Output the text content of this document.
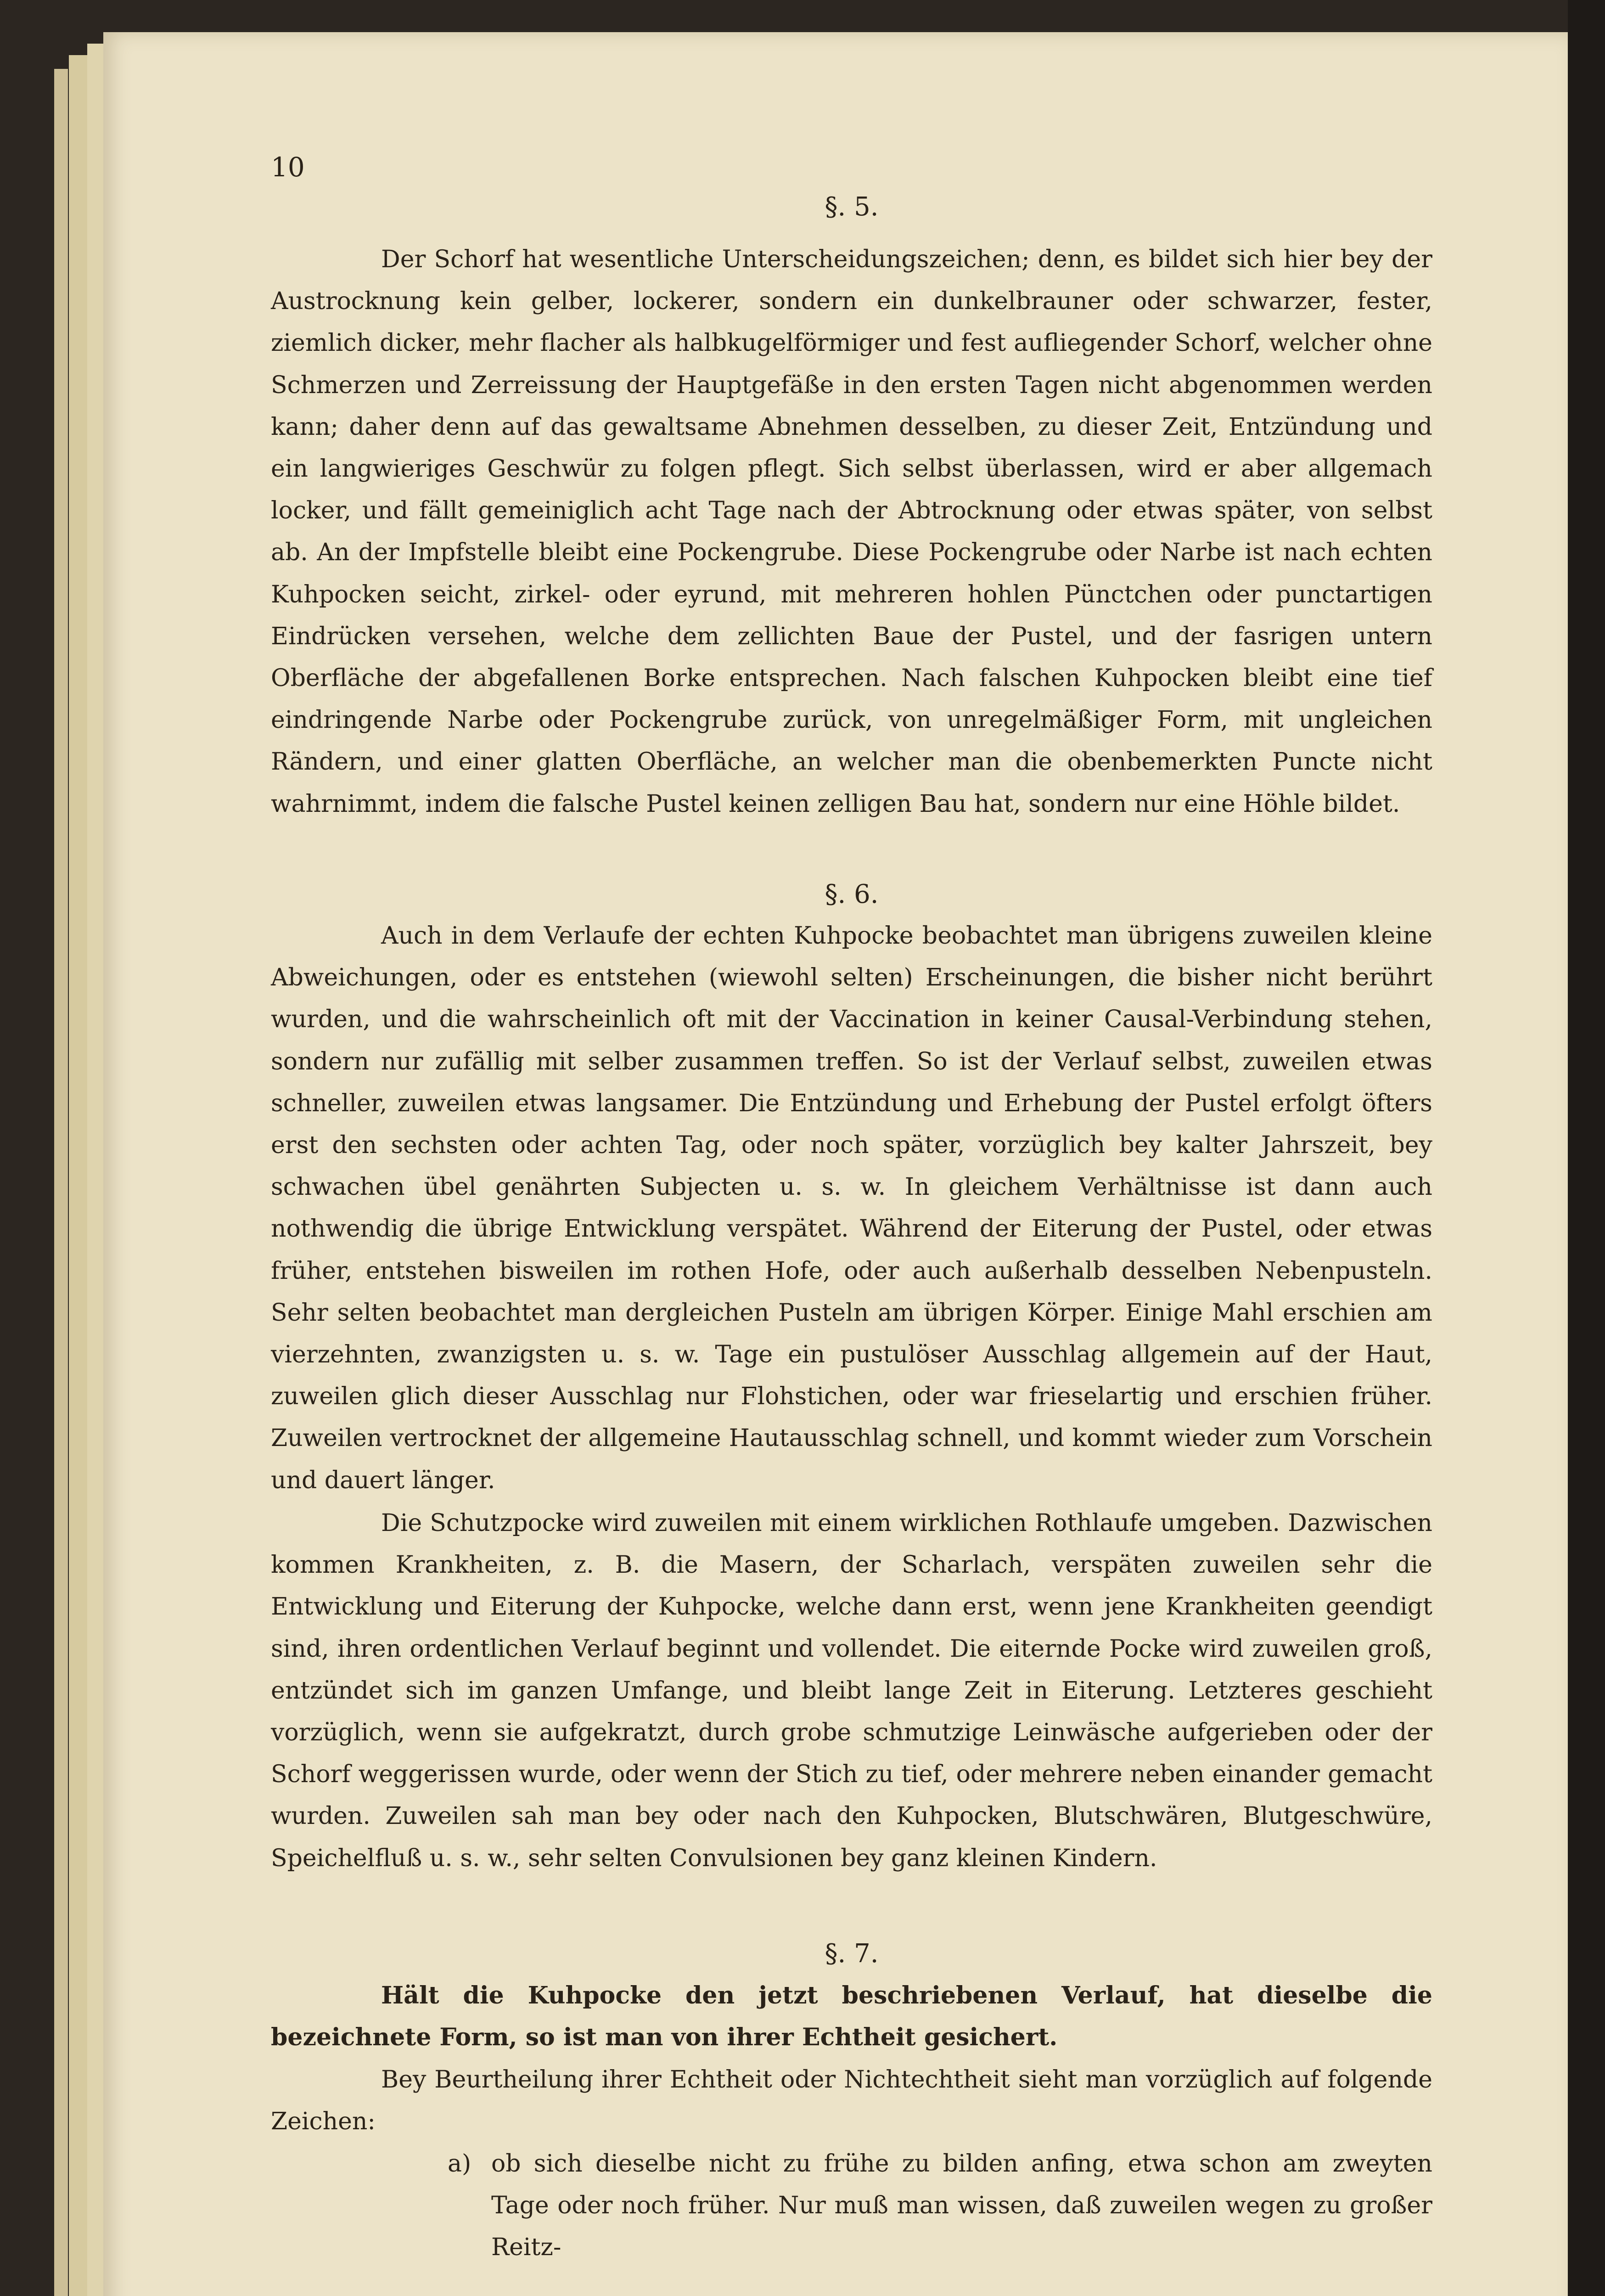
10
§. 5.

Der Schorf hat wesentliche Unterscheidungszeichen; denn, es bildet sich hier bey der Austrocknung kein gelber, lockerer, sondern ein dunkelbrauner oder schwarzer, fester, ziemlich dicker, mehr flacher als halbkugelförmiger und fest aufliegender Schorf, welcher ohne Schmerzen und Zerreissung der Hauptgefäße in den ersten Tagen nicht abgenommen werden kann; daher denn auf das gewaltsame Abnehmen desselben, zu dieser Zeit, Entzündung und ein langwieriges Geschwür zu folgen pflegt. Sich selbst überlassen, wird er aber allgemach locker, und fällt gemeiniglich acht Tage nach der Abtrocknung oder etwas später, von selbst ab. An der Impfstelle bleibt eine Pockengrube. Diese Pockengrube oder Narbe ist nach echten Kuhpocken seicht, zirkel- oder eyrund, mit mehreren hohlen Pünctchen oder punctartigen Eindrücken versehen, welche dem zellichten Baue der Pustel, und der fasrigen untern Oberfläche der abgefallenen Borke entsprechen. Nach falschen Kuhpocken bleibt eine tief eindringende Narbe oder Pockengrube zurück, von unregelmäßiger Form, mit ungleichen Rändern, und einer glatten Oberfläche, an welcher man die obenbemerkten Puncte nicht wahrnimmt, indem die falsche Pustel keinen zelligen Bau hat, sondern nur eine Höhle bildet.

§. 6.

Auch in dem Verlaufe der echten Kuhpocke beobachtet man übrigens zuweilen kleine Abweichungen, oder es entstehen (wiewohl selten) Erscheinungen, die bisher nicht berührt wurden, und die wahrscheinlich oft mit der Vaccination in keiner Causal-Verbindung stehen, sondern nur zufällig mit selber zusammen treffen. So ist der Verlauf selbst, zuweilen etwas schneller, zuweilen etwas langsamer. Die Entzündung und Erhebung der Pustel erfolgt öfters erst den sechsten oder achten Tag, oder noch später, vorzüglich bey kalter Jahrszeit, bey schwachen übel genährten Subjecten u. s. w. In gleichem Verhältnisse ist dann auch nothwendig die übrige Entwicklung verspätet. Während der Eiterung der Pustel, oder etwas früher, entstehen bisweilen im rothen Hofe, oder auch außerhalb desselben Nebenpusteln. Sehr selten beobachtet man dergleichen Pusteln am übrigen Körper. Einige Mahl erschien am vierzehnten, zwanzigsten u. s. w. Tage ein pustulöser Ausschlag allgemein auf der Haut, zuweilen glich dieser Ausschlag nur Flohstichen, oder war frieselartig und erschien früher. Zuweilen vertrocknet der allgemeine Hautausschlag schnell, und kommt wieder zum Vorschein und dauert länger.

Die Schutzpocke wird zuweilen mit einem wirklichen Rothlaufe umgeben. Dazwischen kommen Krankheiten, z. B. die Masern, der Scharlach, verspäten zuweilen sehr die Entwicklung und Eiterung der Kuhpocke, welche dann erst, wenn jene Krankheiten geendigt sind, ihren ordentlichen Verlauf beginnt und vollendet. Die eiternde Pocke wird zuweilen groß, entzündet sich im ganzen Umfange, und bleibt lange Zeit in Eiterung. Letzteres geschieht vorzüglich, wenn sie aufgekratzt, durch grobe schmutzige Leinwäsche aufgerieben oder der Schorf weggerissen wurde, oder wenn der Stich zu tief, oder mehrere neben einander gemacht wurden. Zuweilen sah man bey oder nach den Kuhpocken, Blutschwären, Blutgeschwüre, Speichelfluß u. s. w., sehr selten Convulsionen bey ganz kleinen Kindern.

§. 7.

Hält die Kuhpocke den jetzt beschriebenen Verlauf, hat dieselbe die bezeichnete Form, so ist man von ihrer Echtheit gesichert.

Bey Beurtheilung ihrer Echtheit oder Nichtechtheit sieht man vorzüglich auf folgende Zeichen:

a) ob sich dieselbe nicht zu frühe zu bilden anfing, etwa schon am zweyten Tage oder noch früher. Nur muß man wissen, daß zuweilen wegen zu großer Reitz-
